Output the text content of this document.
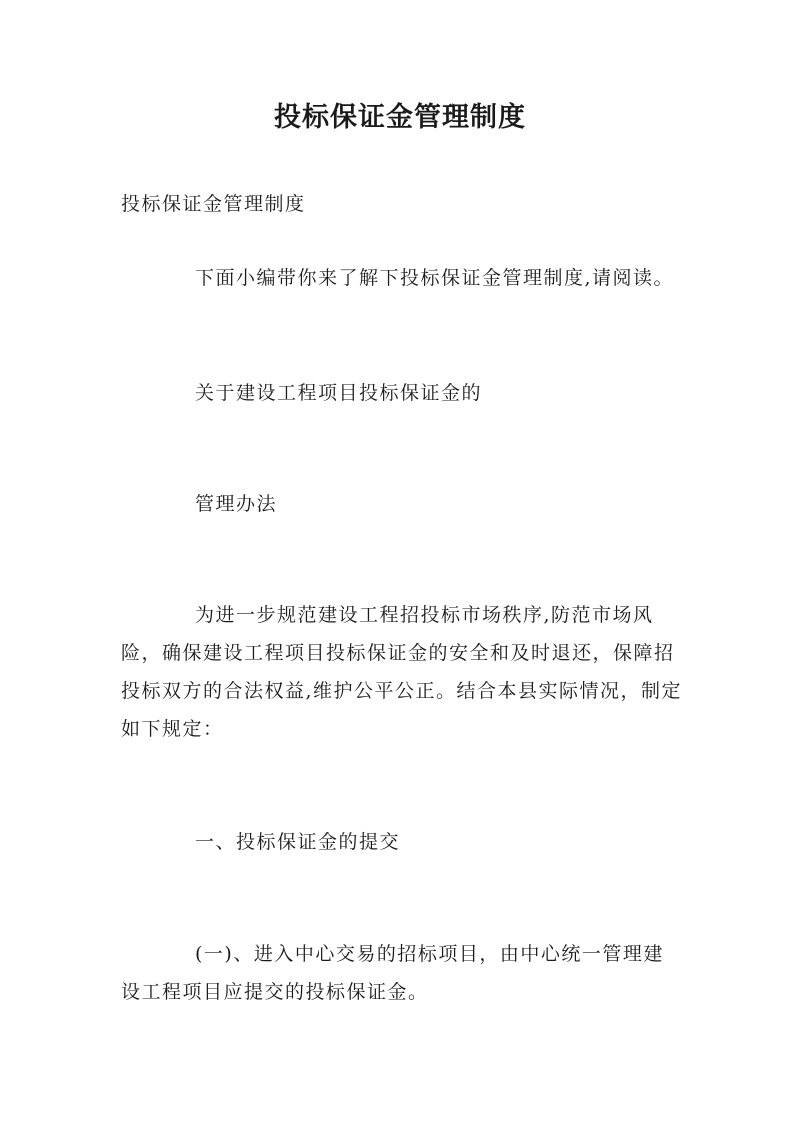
投标保证金管理制度

投标保证金管理制度

下面小编带你来了解下投标保证金管理制度,请阅读。

关于建设工程项目投标保证金的

管理办法

为进一步规范建设工程招投标市场秩序,防范市场风险，确保建设工程项目投标保证金的安全和及时退还，保障招投标双方的合法权益,维护公平公正。结合本县实际情况，制定如下规定：

一、投标保证金的提交

(一)、进入中心交易的招标项目，由中心统一管理建设工程项目应提交的投标保证金。
